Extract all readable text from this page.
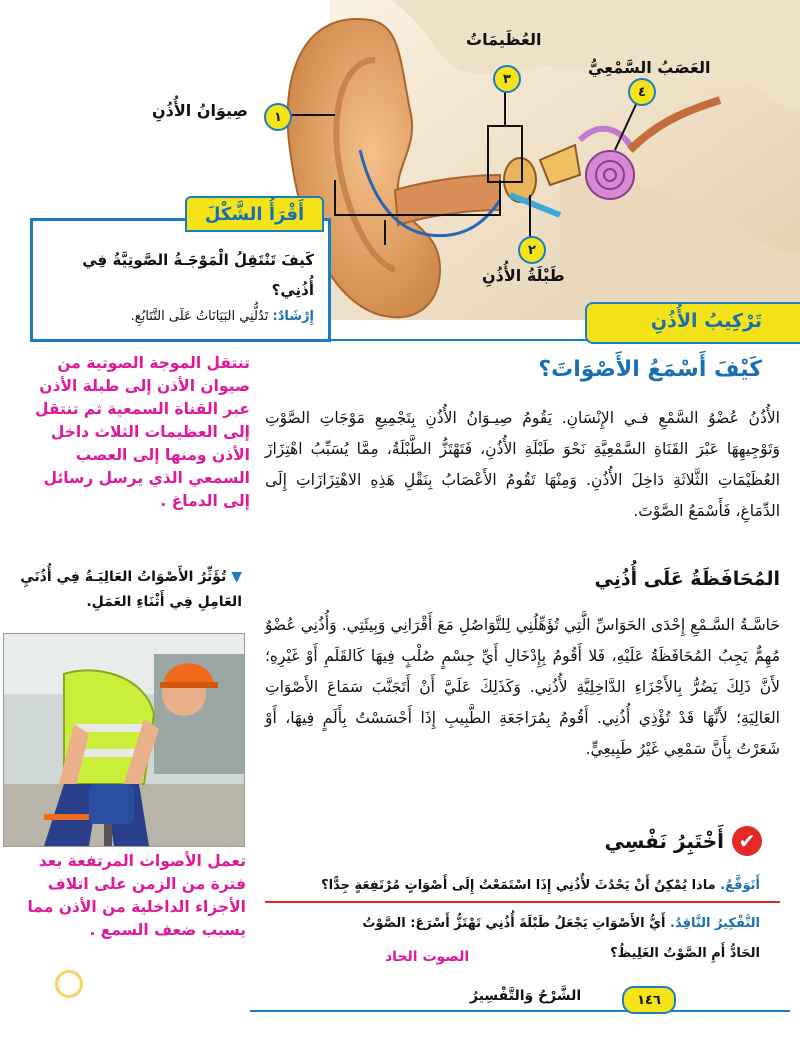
صِيوَانُ الأُذُنِ	١
العُظَيمَاتُ
٣
العَصَبُ السَّمْعِيُّ
٤
٢
طَبْلَةُ الأُذُنِ
كَيفَ تَنْتَقِلُ الْمَوْجَـةُ الصَّوتِيَّةُ فِي أُذُنِي؟
إِرْشَادٌ: تَدُلُّنِي البَيَانَاتُ عَلَى التَّتَابُعِ.
أَقْرَأُ الشَّكْلَ
تَرْكِيبُ الأُذُنِ
تنتقل الموجة الصوتية من صيوان الأذن إلى طبلة الأذن عبر القناة السمعية ثم تنتقل إلى العظيمات الثلاث داخل الأذن ومنها إلى العصب السمعي الذي يرسل رسائل إلى الدماغ .
كَيْفَ أَسْمَعُ الأَصْوَاتَ؟
الأُذُنُ عُضْوُ السَّمْعِ فـي الإِنْسَانِ. يَقُومُ صِيـوَانُ الأُذُنِ بِتَجْمِيعِ مَوْجَاتِ الصَّوْتِ وَتَوْجِيهِهَا عَبْرَ القَنَاةِ السَّمْعِيَّةِ نَحْوَ طَبْلَةِ الأُذُنِ، فَتَهْتَزُّ الطَّبْلَةُ، مِمَّا يُسَبِّبُ اهْتِزَازَ العُظَيْمَاتِ الثَّلاثَةِ دَاخِلَ الأُذُنِ. وَمِنْهَا تَقُومُ الأَعْصَابُ بِنَقْلِ هَذِهِ الاهْتِزَازَاتِ إِلَى الدِّمَاغِ، فَأَسْمَعُ الصَّوْتَ.
▼ تُؤَثِّرُ الأَصْوَاتُ العَالِيَـةُ فِي أُذُنَيِ العَامِلِ فِي أَثْنَاءِ العَمَلِ.
المُحَافَظَةُ عَلَى أُذُنِي
حَاسَّـةُ السَّـمْعِ إِحْدَى الحَوَاسِّ الَّتِي تُؤَهِّلُنِي لِلتَّوَاصُلِ مَعَ أَقْرَانِي وَبِيئَتِي. وَأُذُنِي عُضْوٌ مُهِمٌّ يَجِبُ المُحَافَظَةُ عَلَيْهِ، فَلا أَقُومُ بِإِدْخَالِ أَيِّ جِسْمٍ صُلْبٍ فِيهَا كَالقَلَمِ أَوْ غَيْرِهِ؛ لأَنَّ ذَلِكَ يَضُرُّ بِالأَجْزَاءِ الدَّاخِلِيَّةِ لأُذُنِي. وَكَذَلِكَ عَلَيَّ أَنْ أَتَجَنَّبَ سَمَاعَ الأَصْوَاتِ العَالِيَةِ؛ لأَنَّهَا قَدْ تُؤْذِي أُذُنِي. أَقُومُ بِمُرَاجَعَةِ الطَّبِيبِ إِذَا أَحْسَسْتُ بِأَلَمٍ فِيهَا، أَوْ شَعَرْتُ بِأَنَّ سَمْعِي غَيْرُ طَبِيعِيٍّ.
تعمل الأصوات المرتفعة بعد فترة من الزمن على اتلاف الأجزاء الداخلية من الأذن مما يسبب ضعف السمع .
✔
أَخْتَبِرُ نَفْسِي
أَتَوَقَّعُ. ماذا يُمْكِنُ أَنْ يَحْدُثَ لأُذُنِي إِذَا اسْتَمَعْتُ إِلَى أَصْوَاتٍ مُرْتَفِعَةٍ جِدًّا؟
التَّفْكِيرُ النَّاقِدُ. أَيُّ الأَصْوَاتِ يَجْعَلُ طَبْلَةَ أُذُنِي تَهْتَزُّ أَسْرَعَ: الصَّوْتُ
الحَادُّ أَمِ الصَّوْتُ الغَلِيظُ؟
الصوت الحاد
١٤٦
الشَّرْحُ وَالتَّفْسِيرُ
